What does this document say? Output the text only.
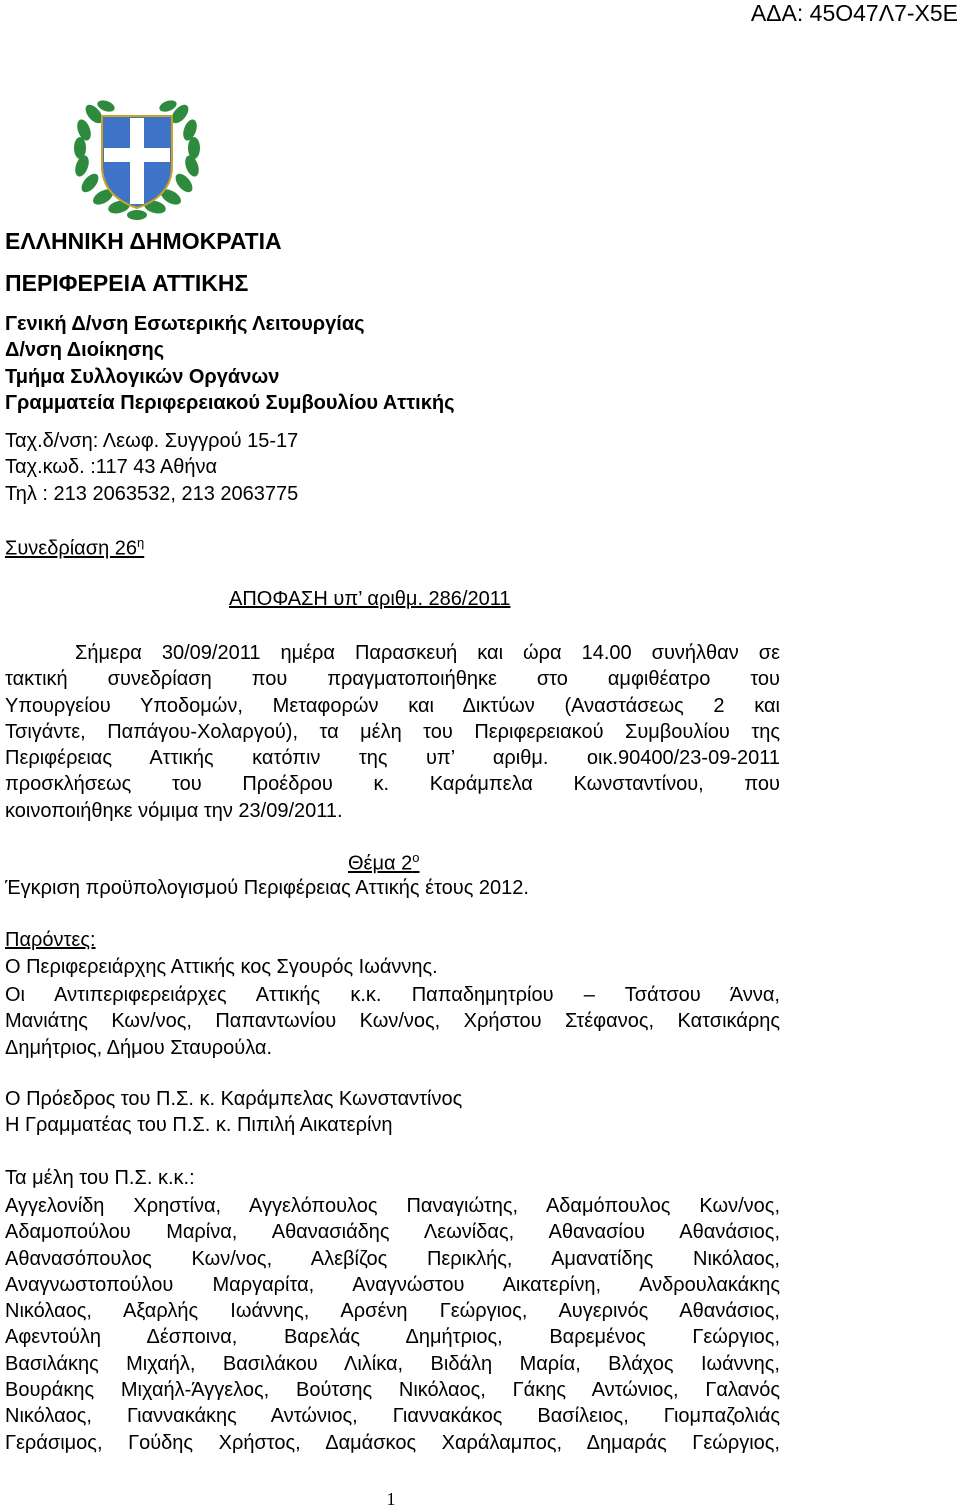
ΑΔΑ: 45Ο47Λ7-Χ5Ε
ΕΛΛΗΝΙΚΗ ΔΗΜΟΚΡΑΤΙΑ
ΠΕΡΙΦΕΡΕΙΑ ΑΤΤΙΚΗΣ
Γενική Δ/νση Εσωτερικής Λειτουργίας
Δ/νση Διοίκησης
Τμήμα Συλλογικών Οργάνων
Γραμματεία Περιφερειακού Συμβουλίου Αττικής
Ταχ.δ/νση: Λεωφ. Συγγρού 15-17
Ταχ.κωδ. :117 43 Αθήνα
Τηλ : 213 2063532, 213 2063775
Συνεδρίαση $26^\eta$
ΑΠΟΦΑΣΗ υπ’ αριθμ. 286/2011
Σήμερα 30/09/2011 ημέρα Παρασκευή και ώρα 14.00 συνήλθαν σε
τακτική συνεδρίαση που πραγματοποιήθηκε στο αμφιθέατρο του
Υπουργείου Υποδομών, Μεταφορών και Δικτύων (Αναστάσεως 2 και
Τσιγάντε, Παπάγου-Χολαργού), τα μέλη του Περιφερειακού Συμβουλίου της
Περιφέρειας Αττικής κατόπιν της υπ’ αριθμ. οικ.90400/23-09-2011
προσκλήσεως του Προέδρου κ. Καράμπελα Κωνσταντίνου, που
κοινοποιήθηκε νόμιμα την 23/09/2011.
Θέμα $2^o$
Έγκριση προϋπολογισμού Περιφέρειας Αττικής έτους 2012.
Παρόντες:
Ο Περιφερειάρχης Αττικής κος Σγουρός Ιωάννης.
Οι Αντιπεριφερειάρχες Αττικής κ.κ. Παπαδημητρίου – Τσάτσου Άννα,
Μανιάτης Κων/νος, Παπαντωνίου Κων/νος, Χρήστου Στέφανος, Κατσικάρης
Δημήτριος, Δήμου Σταυρούλα.
Ο Πρόεδρος του Π.Σ. κ. Καράμπελας Κωνσταντίνος
Η Γραμματέας του Π.Σ. κ. Πιπιλή Αικατερίνη
Τα μέλη του Π.Σ. κ.κ.:
Αγγελονίδη Χρηστίνα, Αγγελόπουλος Παναγιώτης, Αδαμόπουλος Κων/νος,
Αδαμοπούλου Μαρίνα, Αθανασιάδης Λεωνίδας, Αθανασίου Αθανάσιος,
Αθανασόπουλος Κων/νος, Αλεβίζος Περικλής, Αμανατίδης Νικόλαος,
Αναγνωστοπούλου Μαργαρίτα, Αναγνώστου Αικατερίνη, Ανδρουλακάκης
Νικόλαος, Αξαρλής Ιωάννης, Αρσένη Γεώργιος, Αυγερινός Αθανάσιος,
Αφεντούλη Δέσποινα, Βαρελάς Δημήτριος, Βαρεμένος Γεώργιος,
Βασιλάκης Μιχαήλ, Βασιλάκου Λιλίκα, Βιδάλη Μαρία, Βλάχος Ιωάννης,
Βουράκης Μιχαήλ-Άγγελος, Βούτσης Νικόλαος, Γάκης Αντώνιος, Γαλανός
Νικόλαος, Γιαννακάκης Αντώνιος, Γιαννακάκος Βασίλειος, Γιομπαζολιάς
Γεράσιμος, Γούδης Χρήστος, Δαμάσκος Χαράλαμπος, Δημαράς Γεώργιος,
1
